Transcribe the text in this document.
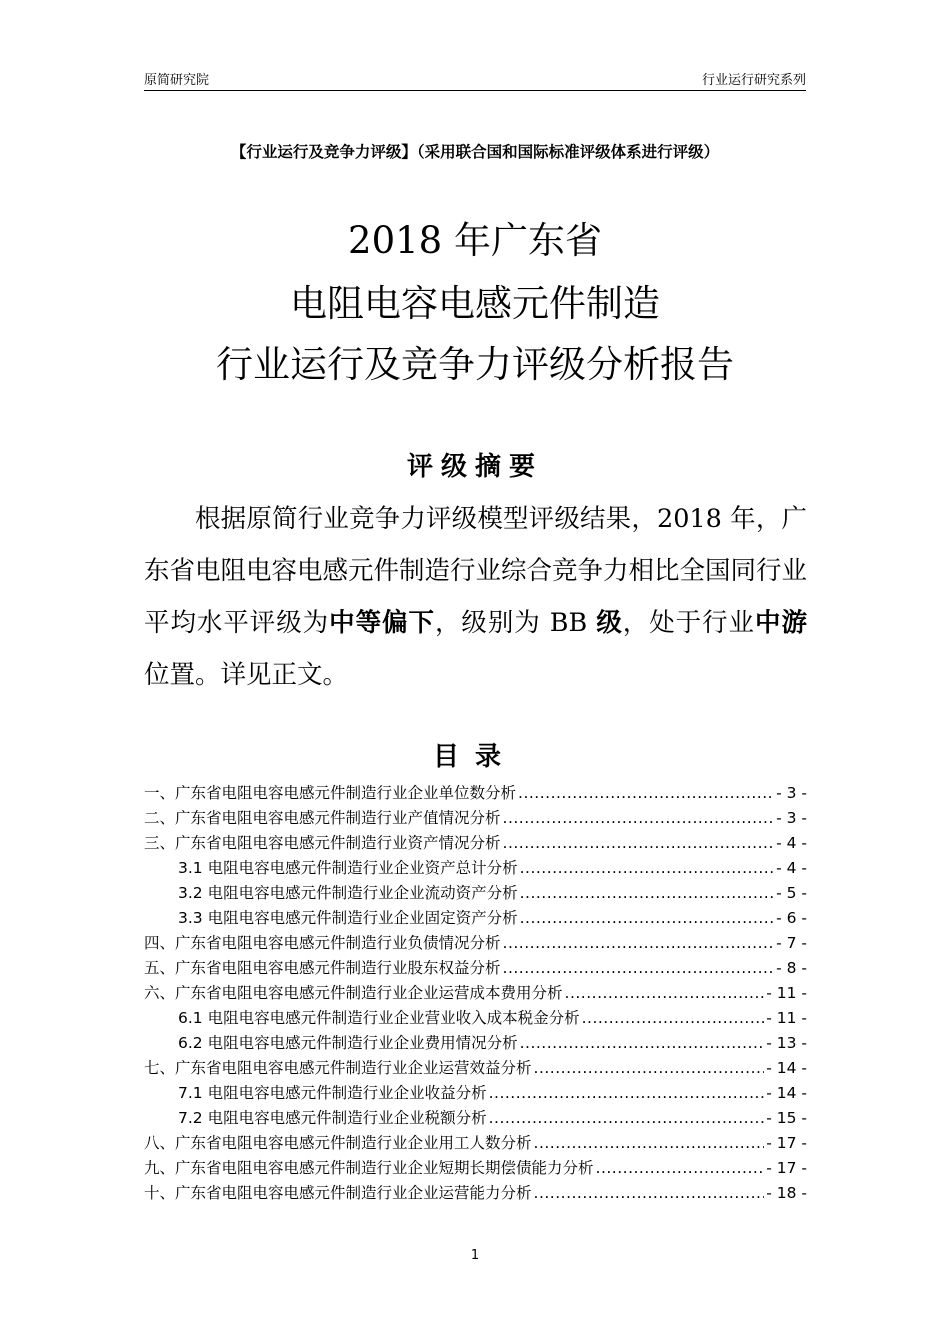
原简研究院	行业运行研究系列
【行业运行及竞争力评级】（采用联合国和国际标准评级体系进行评级）
2018 年广东省
电阻电容电感元件制造
行业运行及竞争力评级分析报告
评级摘要
根据原简行业竞争力评级模型评级结果，2018 年，广东省电阻电容电感元件制造行业综合竞争力相比全国同行业平均水平评级为中等偏下，级别为 BB 级，处于行业中游位置。详见正文。
目录
一、广东省电阻电容电感元件制造行业企业单位数分析 .....	- 3 -
二、广东省电阻电容电感元件制造行业产值情况分析 .....	- 3 -
三、广东省电阻电容电感元件制造行业资产情况分析 .....	- 4 -
3.1 电阻电容电感元件制造行业企业资产总计分析 .....	- 4 -
3.2 电阻电容电感元件制造行业企业流动资产分析 .....	- 5 -
3.3 电阻电容电感元件制造行业企业固定资产分析 .....	- 6 -
四、广东省电阻电容电感元件制造行业负债情况分析 .....	- 7 -
五、广东省电阻电容电感元件制造行业股东权益分析 .....	- 8 -
六、广东省电阻电容电感元件制造行业企业运营成本费用分析 .....	- 11 -
6.1 电阻电容电感元件制造行业企业营业收入成本税金分析 .....	- 11 -
6.2 电阻电容电感元件制造行业企业费用情况分析 .....	- 13 -
七、广东省电阻电容电感元件制造行业企业运营效益分析 .....	- 14 -
7.1 电阻电容电感元件制造行业企业收益分析 .....	- 14 -
7.2 电阻电容电感元件制造行业企业税额分析 .....	- 15 -
八、广东省电阻电容电感元件制造行业企业用工人数分析 .....	- 17 -
九、广东省电阻电容电感元件制造行业企业短期长期偿债能力分析 .....	- 17 -
十、广东省电阻电容电感元件制造行业企业运营能力分析 .....	- 18 -
1
